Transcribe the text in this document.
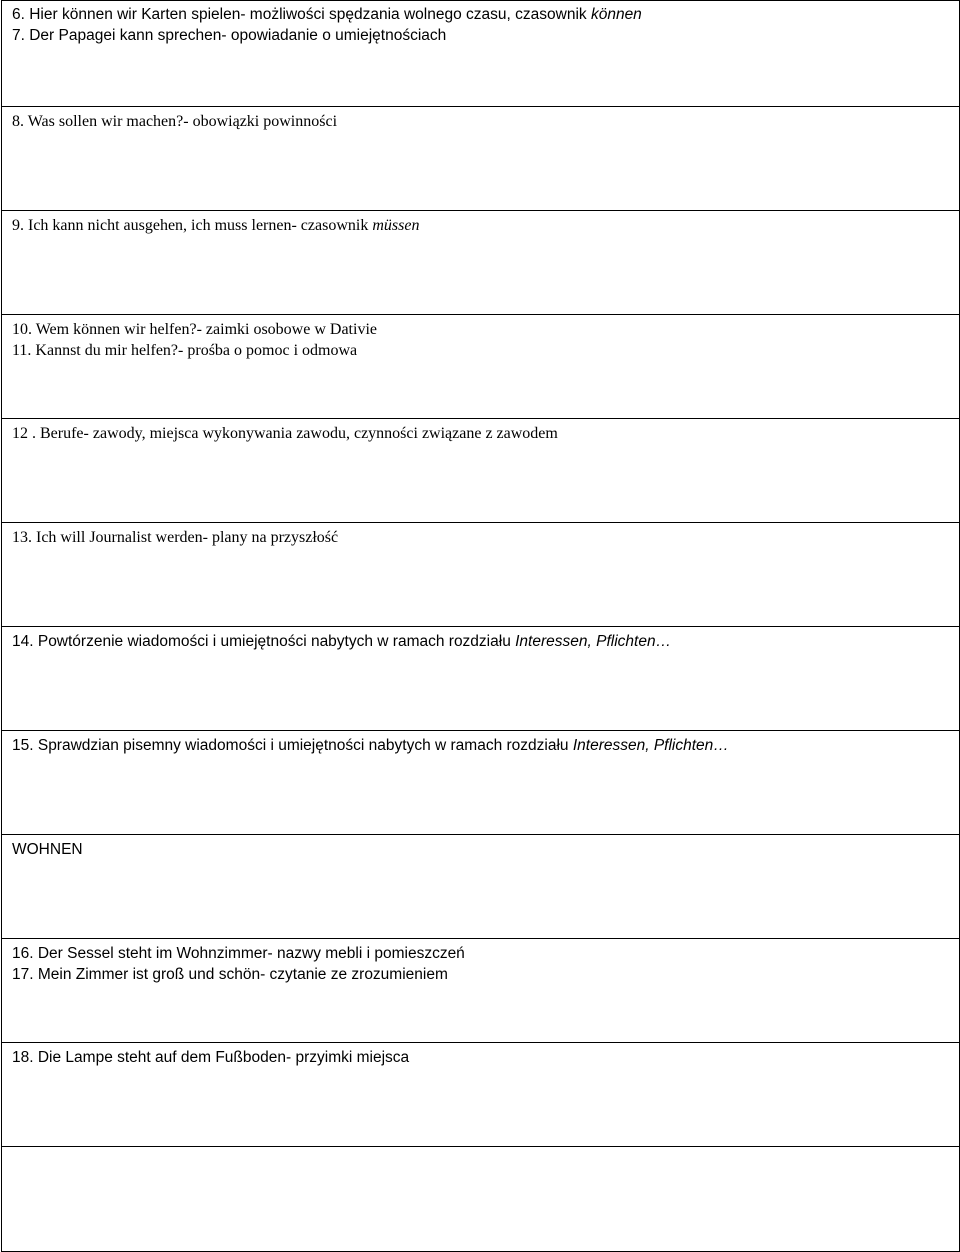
6. Hier können wir Karten spielen- możliwości spędzania wolnego czasu, czasownik können
7. Der Papagei kann sprechen- opowiadanie o umiejętnościach
8. Was sollen wir machen?- obowiązki powinności
9. Ich kann nicht ausgehen, ich muss lernen- czasownik müssen
10. Wem können wir helfen?- zaimki osobowe w Dativie
11. Kannst du mir helfen?- prośba o pomoc i odmowa
12 . Berufe- zawody, miejsca wykonywania zawodu, czynności związane z zawodem
13. Ich will Journalist werden- plany na przyszłość
14. Powtórzenie wiadomości i umiejętności nabytych w ramach rozdziału Interessen, Pflichten…
15. Sprawdzian pisemny wiadomości i umiejętności nabytych w ramach rozdziału Interessen, Pflichten…
WOHNEN
16. Der Sessel steht im Wohnzimmer- nazwy mebli i pomieszczeń
17. Mein Zimmer ist groß und schön- czytanie ze zrozumieniem
18. Die Lampe steht auf dem Fußboden- przyimki miejsca
